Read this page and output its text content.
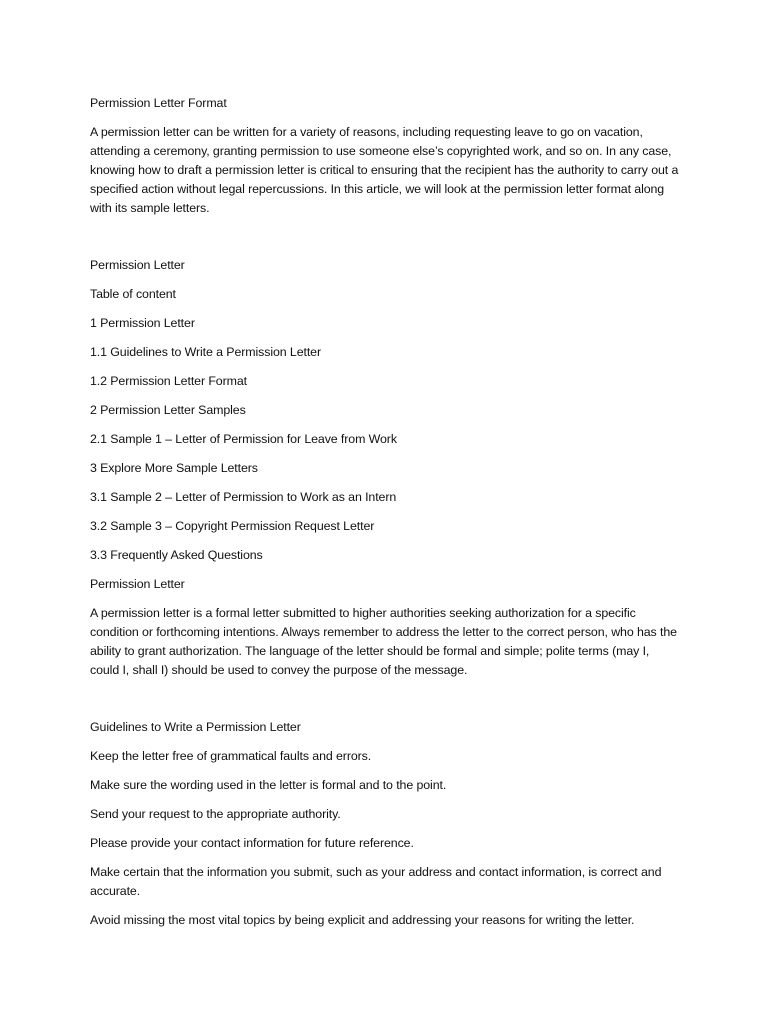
Permission Letter Format

A permission letter can be written for a variety of reasons, including requesting leave to go on vacation, attending a ceremony, granting permission to use someone else’s copyrighted work, and so on. In any case, knowing how to draft a permission letter is critical to ensuring that the recipient has the authority to carry out a specified action without legal repercussions. In this article, we will look at the permission letter format along with its sample letters.

Permission Letter

Table of content

1 Permission Letter

1.1 Guidelines to Write a Permission Letter

1.2 Permission Letter Format

2 Permission Letter Samples

2.1 Sample 1 – Letter of Permission for Leave from Work

3 Explore More Sample Letters

3.1 Sample 2 – Letter of Permission to Work as an Intern

3.2 Sample 3 – Copyright Permission Request Letter

3.3 Frequently Asked Questions

Permission Letter

A permission letter is a formal letter submitted to higher authorities seeking authorization for a specific condition or forthcoming intentions. Always remember to address the letter to the correct person, who has the ability to grant authorization. The language of the letter should be formal and simple; polite terms (may I, could I, shall I) should be used to convey the purpose of the message.

Guidelines to Write a Permission Letter

Keep the letter free of grammatical faults and errors.

Make sure the wording used in the letter is formal and to the point.

Send your request to the appropriate authority.

Please provide your contact information for future reference.

Make certain that the information you submit, such as your address and contact information, is correct and accurate.

Avoid missing the most vital topics by being explicit and addressing your reasons for writing the letter.
